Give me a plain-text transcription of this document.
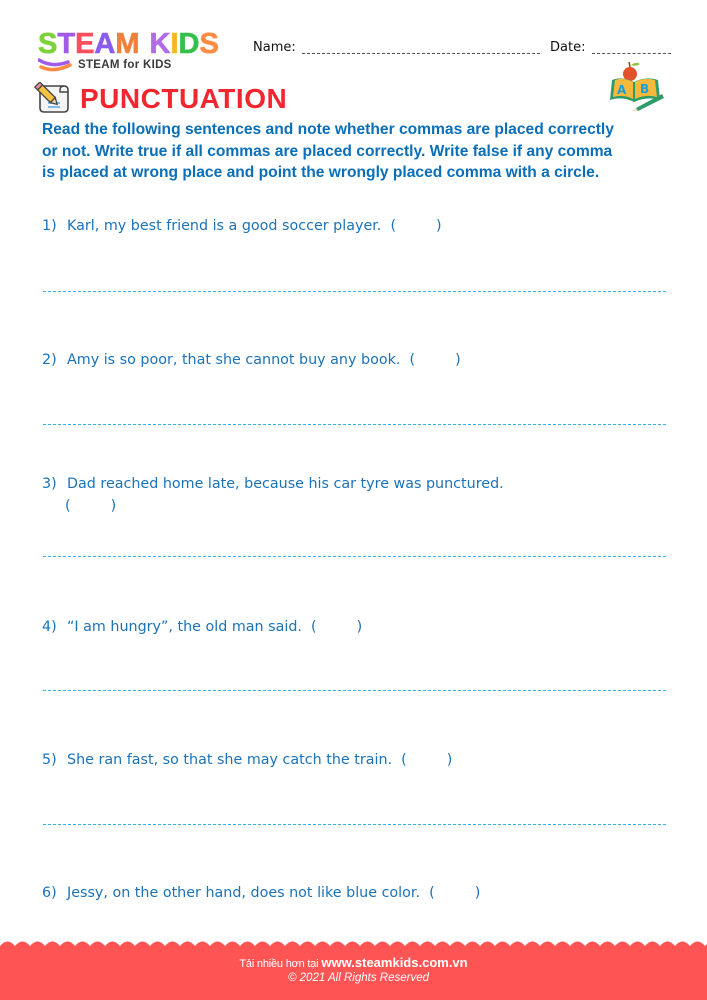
STEAM KIDS
STEAM for KIDS
Name:	Date:
PUNCTUATION	A B
Read the following sentences and note whether commas are placed correctly
or not. Write true if all commas are placed correctly. Write false if any comma
is placed at wrong place and point the wrongly placed comma with a circle.
1) Karl, my best friend is a good soccer player. (	)
2) Amy is so poor, that she cannot buy any book. (	)
3) Dad reached home late, because his car tyre was punctured.
(	)
4) “I am hungry”, the old man said. (	)
5) She ran fast, so that she may catch the train. (	)
6) Jessy, on the other hand, does not like blue color. (	)
Tải nhiều hơn tại www.steamkids.com.vn
© 2021 All Rights Reserved
